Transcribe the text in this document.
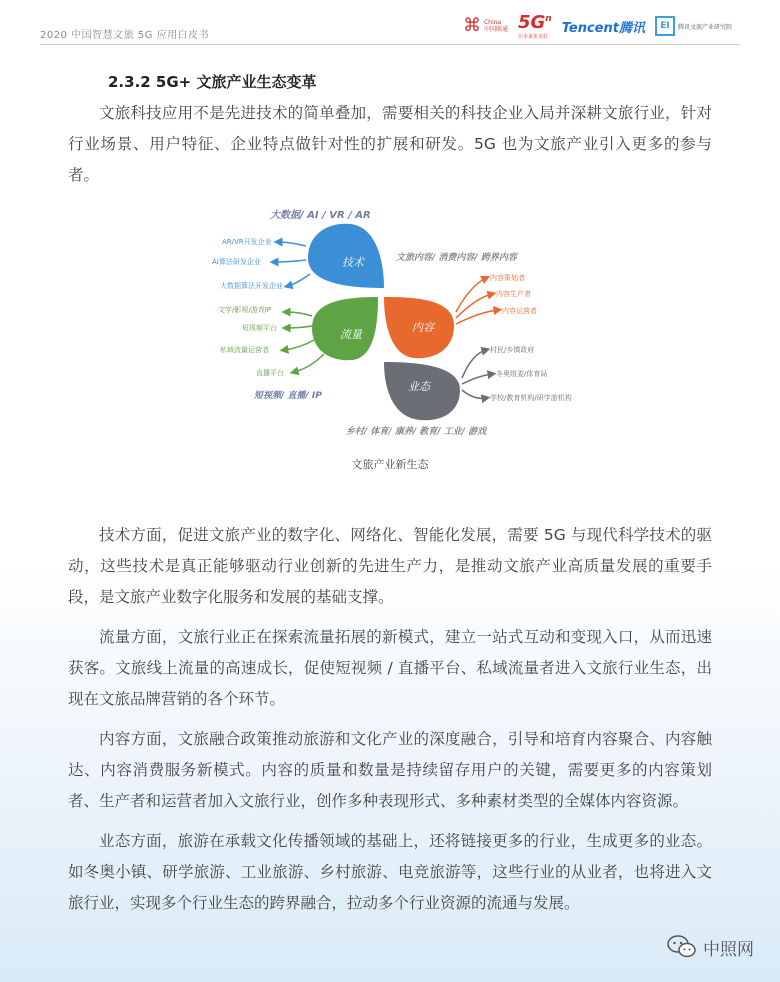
2020 中国智慧文旅 5G 应用白皮书	⌘ China
中国联通 $5G^n$
让未来更美好
Tencent腾讯	EI	腾讯文旅产业研究院
2.3.2 5G+ 文旅产业生态变革
文旅科技应用不是先进技术的简单叠加，需要相关的科技企业入局并深耕文旅行业，针对行业场景、用户特征、企业特点做针对性的扩展和研发。5G 也为文旅产业引入更多的参与者。
大数据/ AI / VR / AR
文旅内容/ 消费内容/ 跨界内容
技术
内容
流量
业态
AR/VR开发企业
AI算法研发企业
大数据算法开发企业
文学/影视/游戏IP
短视频平台
私域流量运营者
直播平台
内容策划者
内容生产者
内容运营者
村民/乡镇政府
冬奥组委/体育局
学校/教育机构/研学游机构
短视频/ 直播/ IP
乡村/ 体育/ 康养/ 教育/ 工业/ 游戏
文旅产业新生态
技术方面，促进文旅产业的数字化、网络化、智能化发展，需要 5G 与现代科学技术的驱动，这些技术是真正能够驱动行业创新的先进生产力，是推动文旅产业高质量发展的重要手段，是文旅产业数字化服务和发展的基础支撑。
流量方面，文旅行业正在探索流量拓展的新模式，建立一站式互动和变现入口，从而迅速获客。文旅线上流量的高速成长，促使短视频 / 直播平台、私域流量者进入文旅行业生态，出现在文旅品牌营销的各个环节。
内容方面，文旅融合政策推动旅游和文化产业的深度融合，引导和培育内容聚合、内容触达、内容消费服务新模式。内容的质量和数量是持续留存用户的关键，需要更多的内容策划者、生产者和运营者加入文旅行业，创作多种表现形式、多种素材类型的全媒体内容资源。
业态方面，旅游在承载文化传播领域的基础上，还将链接更多的行业，生成更多的业态。如冬奥小镇、研学旅游、工业旅游、乡村旅游、电竞旅游等，这些行业的从业者，也将进入文旅行业，实现多个行业生态的跨界融合，拉动多个行业资源的流通与发展。
中照网
